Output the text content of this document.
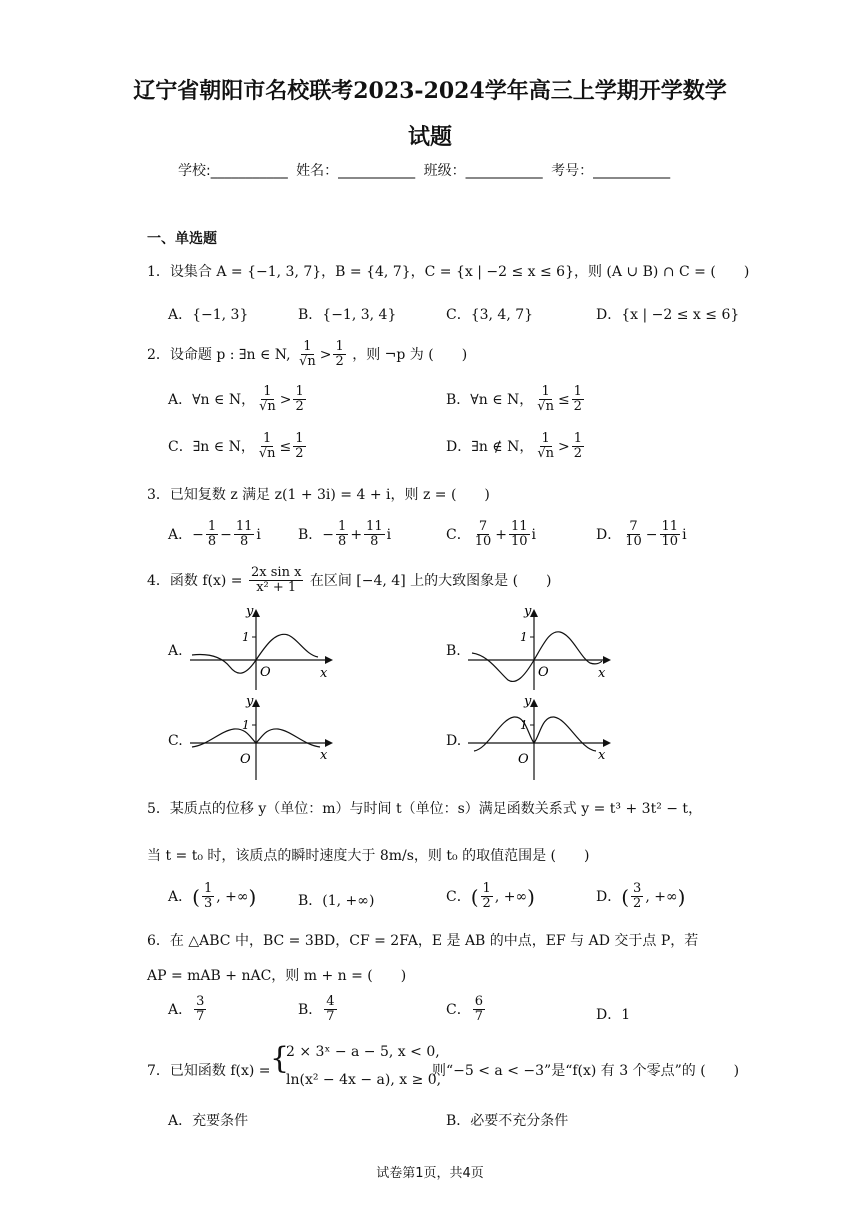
辽宁省朝阳市名校联考2023-2024学年高三上学期开学数学
试题
学校:___________ 姓名：___________ 班级：___________ 考号：___________
一、单选题
1．设集合 A = {−1, 3, 7}，B = {4, 7}，C = {x | −2 ≤ x ≤ 6}，则 (A ∪ B) ∩ C = (　　)
A．{−1, 3}	B．{−1, 3, 4}	C．{3, 4, 7}	D．{x | −2 ≤ x ≤ 6}
2．设命题 p : ∃n ∈ N, $\frac{1}{√n} > \frac{1}{2}$ ，则 ¬p 为 (　　)
A．∀n ∈ N， $\frac{1}{√n} > \frac{1}{2}$	B．∀n ∈ N， $\frac{1}{√n} \le \frac{1}{2}$
C．∃n ∈ N， $\frac{1}{√n} \le \frac{1}{2}$	D．∃n ∉ N， $\frac{1}{√n} > \frac{1}{2}$
3．已知复数 z 满足 z(1 + 3i) = 4 + i，则 z = (　　)
A．− $\frac{1}{8} - \frac{11}{8}$ i	B．− $\frac{1}{8} + \frac{11}{8}$ i	C． $\frac{7}{10} + \frac{11}{10}$ i	D． $\frac{7}{10} - \frac{11}{10}$ i
4．函数 $f(x) = \frac{\text{2x sin x}}{\text{x² + 1}}$ 在区间 [−4, 4] 上的大致图象是 (　　)
A.	B.
C.	D.
1
O
y
x
1
O
y
x
1
O
y
x
1
O
y
x
5．某质点的位移 y（单位：m）与时间 t（单位：s）满足函数关系式 y = t³ + 3t² − t，
当 t = t₀ 时，该质点的瞬时速度大于 8m/s，则 t₀ 的取值范围是 (　　)
A．( $\frac{1}{3}$ , +∞)	B．(1, +∞)	C．( $\frac{1}{2}$ , +∞)	D．( $\frac{3}{2}$ , +∞)
6．在 △ABC 中，BC = 3BD，CF = 2FA，E 是 AB 的中点，EF 与 AD 交于点 P，若
AP = mAB + nAC，则 m + n = (　　)
A． $\frac{3}{7}$	B． $\frac{4}{7}$	C． $\frac{6}{7}$	D．1
7．已知函数 f(x) = {
2 × 3ˣ − a − 5, x < 0,
ln(x² − 4x − a), x ≥ 0,
则“−5 < a < −3”是“f(x) 有 3 个零点”的 (　　)
A．充要条件	B．必要不充分条件
试卷第1页，共4页
